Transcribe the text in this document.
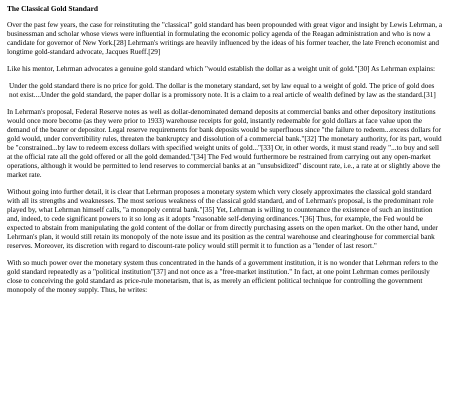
The Classical Gold Standard

Over the past few years, the case for reinstituting the "classical" gold standard has been propounded with great vigor and insight by Lewis Lehrman, a businessman and scholar whose views were influential in formulating the economic policy agenda of the Reagan administration and who is now a candidate for governor of New York.[28] Lehrman's writings are heavily influenced by the ideas of his former teacher, the late French economist and longtime gold-standard advocate, Jacques Rueff.[29]

Like his mentor, Lehrman advocates a genuine gold standard which "would establish the dollar as a weight unit of gold."[30] As Lehrman explains:

Under the gold standard there is no price for gold. The dollar is the monetary standard, set by law equal to a weight of gold. The price of gold does not exist....Under the gold standard, the paper dollar is a promissory note. It is a claim to a real article of wealth defined by law as the standard.[31]

In Lehrman's proposal, Federal Reserve notes as well as dollar-denominated demand deposits at commercial banks and other depository institutions would once more become (as they were prior to 1933) warehouse receipts for gold, instantly redeemable for gold dollars at face value upon the demand of the bearer or depositor. Legal reserve requirements for bank deposits would be superfluous since "the failure to redeem...excess dollars for gold would, under convertibility rules, threaten the bankruptcy and dissolution of a commercial bank."[32] The monetary authority, for its part, would be "constrained...by law to redeem excess dollars with specified weight units of gold..."[33] Or, in other words, it must stand ready "...to buy and sell at the official rate all the gold offered or all the gold demanded."[34] The Fed would furthermore be restrained from carrying out any open-market operations, although it would be permitted to lend reserves to commercial banks at an "unsubsidized" discount rate, i.e., a rate at or slightly above the market rate.

Without going into further detail, it is clear that Lehrman proposes a monetary system which very closely approximates the classical gold standard with all its strengths and weaknesses. The most serious weakness of the classical gold standard, and of Lehrman's proposal, is the predominant role played by, what Lehrman himself calls, "a monopoly central bank."[35] Yet, Lehrman is willing to countenance the existence of such an institution and, indeed, to cede significant powers to it so long as it adopts "reasonable self-denying ordinances."[36] Thus, for example, the Fed would be expected to abstain from manipulating the gold content of the dollar or from directly purchasing assets on the open market. On the other hand, under Lehrman's plan, it would still retain its monopoly of the note issue and its position as the central warehouse and clearinghouse for commercial bank reserves. Moreover, its discretion with regard to discount-rate policy would still permit it to function as a "lender of last resort."

With so much power over the monetary system thus concentrated in the hands of a government institution, it is no wonder that Lehrman refers to the gold standard repeatedly as a "political institution"[37] and not once as a "free-market institution." In fact, at one point Lehrman comes perilously close to conceiving the gold standard as price-rule monetarism, that is, as merely an efficient political technique for controlling the government monopoly of the money supply. Thus, he writes:
